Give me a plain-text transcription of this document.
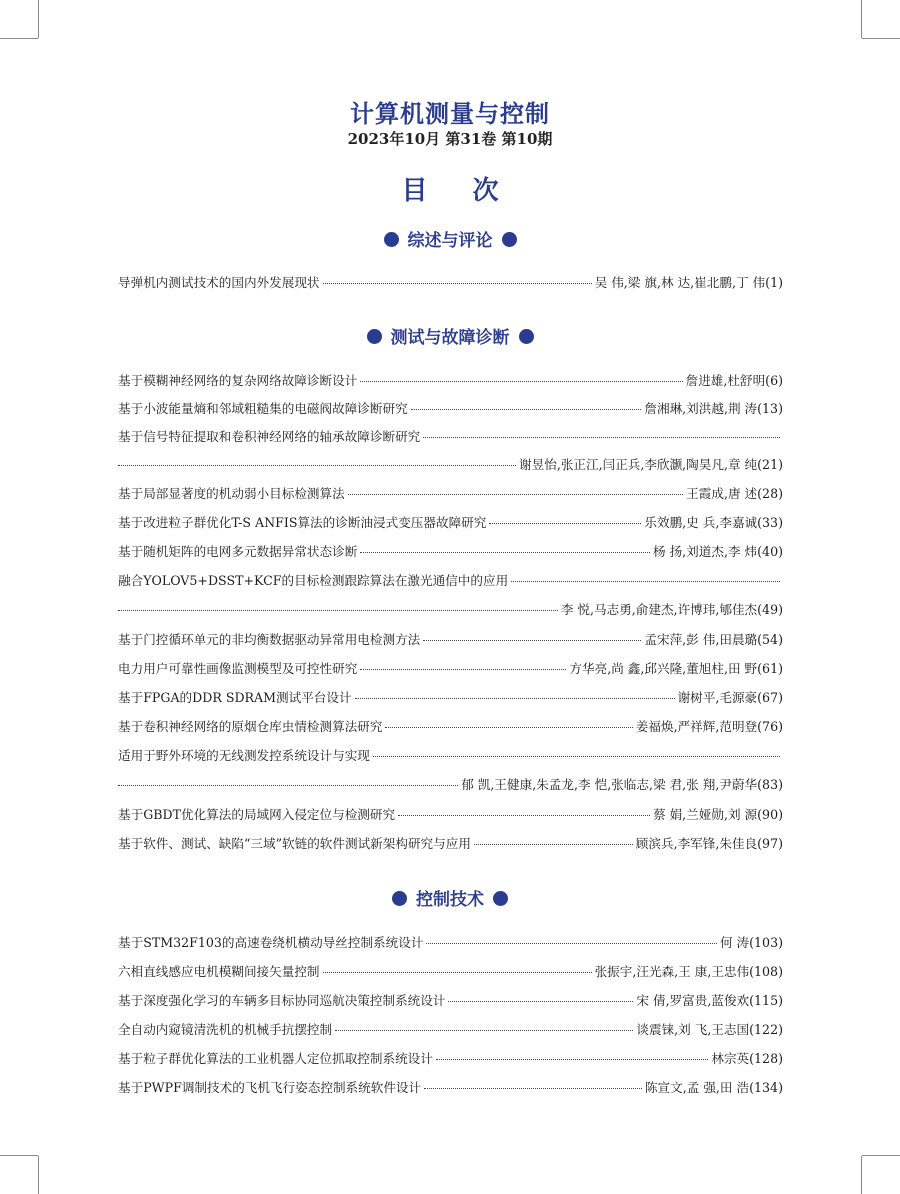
计算机测量与控制
2023年10月 第31卷 第10期
目 次
综述与评论
导弹机内测试技术的国内外发展现状	吴 伟,梁 旗,林 达,崔北鹏,丁 伟(1)
测试与故障诊断
基于模糊神经网络的复杂网络故障诊断设计	詹进雄,杜舒明(6)
基于小波能量熵和邻域粗糙集的电磁阀故障诊断研究	詹湘琳,刘洪越,荆 涛(13)
基于信号特征提取和卷积神经网络的轴承故障诊断研究
谢昱怡,张正江,闫正兵,李欣灏,陶昊凡,章 纯(21)
基于局部显著度的机动弱小目标检测算法	王霞成,唐 述(28)
基于改进粒子群优化T-S ANFIS算法的诊断油浸式变压器故障研究	乐效鹏,史 兵,李嘉诚(33)
基于随机矩阵的电网多元数据异常状态诊断	杨 扬,刘道杰,李 炜(40)
融合YOLOV5+DSST+KCF的目标检测跟踪算法在激光通信中的应用
李 悦,马志勇,俞建杰,许博玮,郇佳杰(49)
基于门控循环单元的非均衡数据驱动异常用电检测方法	孟宋萍,彭 伟,田晨璐(54)
电力用户可靠性画像监测模型及可控性研究	方华亮,尚 鑫,邱兴隆,董旭柱,田 野(61)
基于FPGA的DDR SDRAM测试平台设计	谢树平,毛源豪(67)
基于卷积神经网络的原烟仓库虫情检测算法研究	姜福焕,严祥辉,范明登(76)
适用于野外环境的无线测发控系统设计与实现
郁 凯,王健康,朱孟龙,李 恺,张临志,梁 君,张 翔,尹蔚华(83)
基于GBDT优化算法的局域网入侵定位与检测研究	蔡 娟,兰娅勋,刘 源(90)
基于软件、测试、缺陷“三域”软链的软件测试新架构研究与应用	顾滨兵,李军锋,朱佳良(97)
控制技术
基于STM32F103的高速卷绕机横动导丝控制系统设计	何 涛(103)
六相直线感应电机模糊间接矢量控制	张振宇,汪光森,王 康,王忠伟(108)
基于深度强化学习的车辆多目标协同巡航决策控制系统设计	宋 倩,罗富贵,蓝俊欢(115)
全自动内窥镜清洗机的机械手抗摆控制	谈震铼,刘 飞,王志国(122)
基于粒子群优化算法的工业机器人定位抓取控制系统设计	林宗英(128)
基于PWPF调制技术的飞机飞行姿态控制系统软件设计	陈宣文,孟 强,田 浩(134)
